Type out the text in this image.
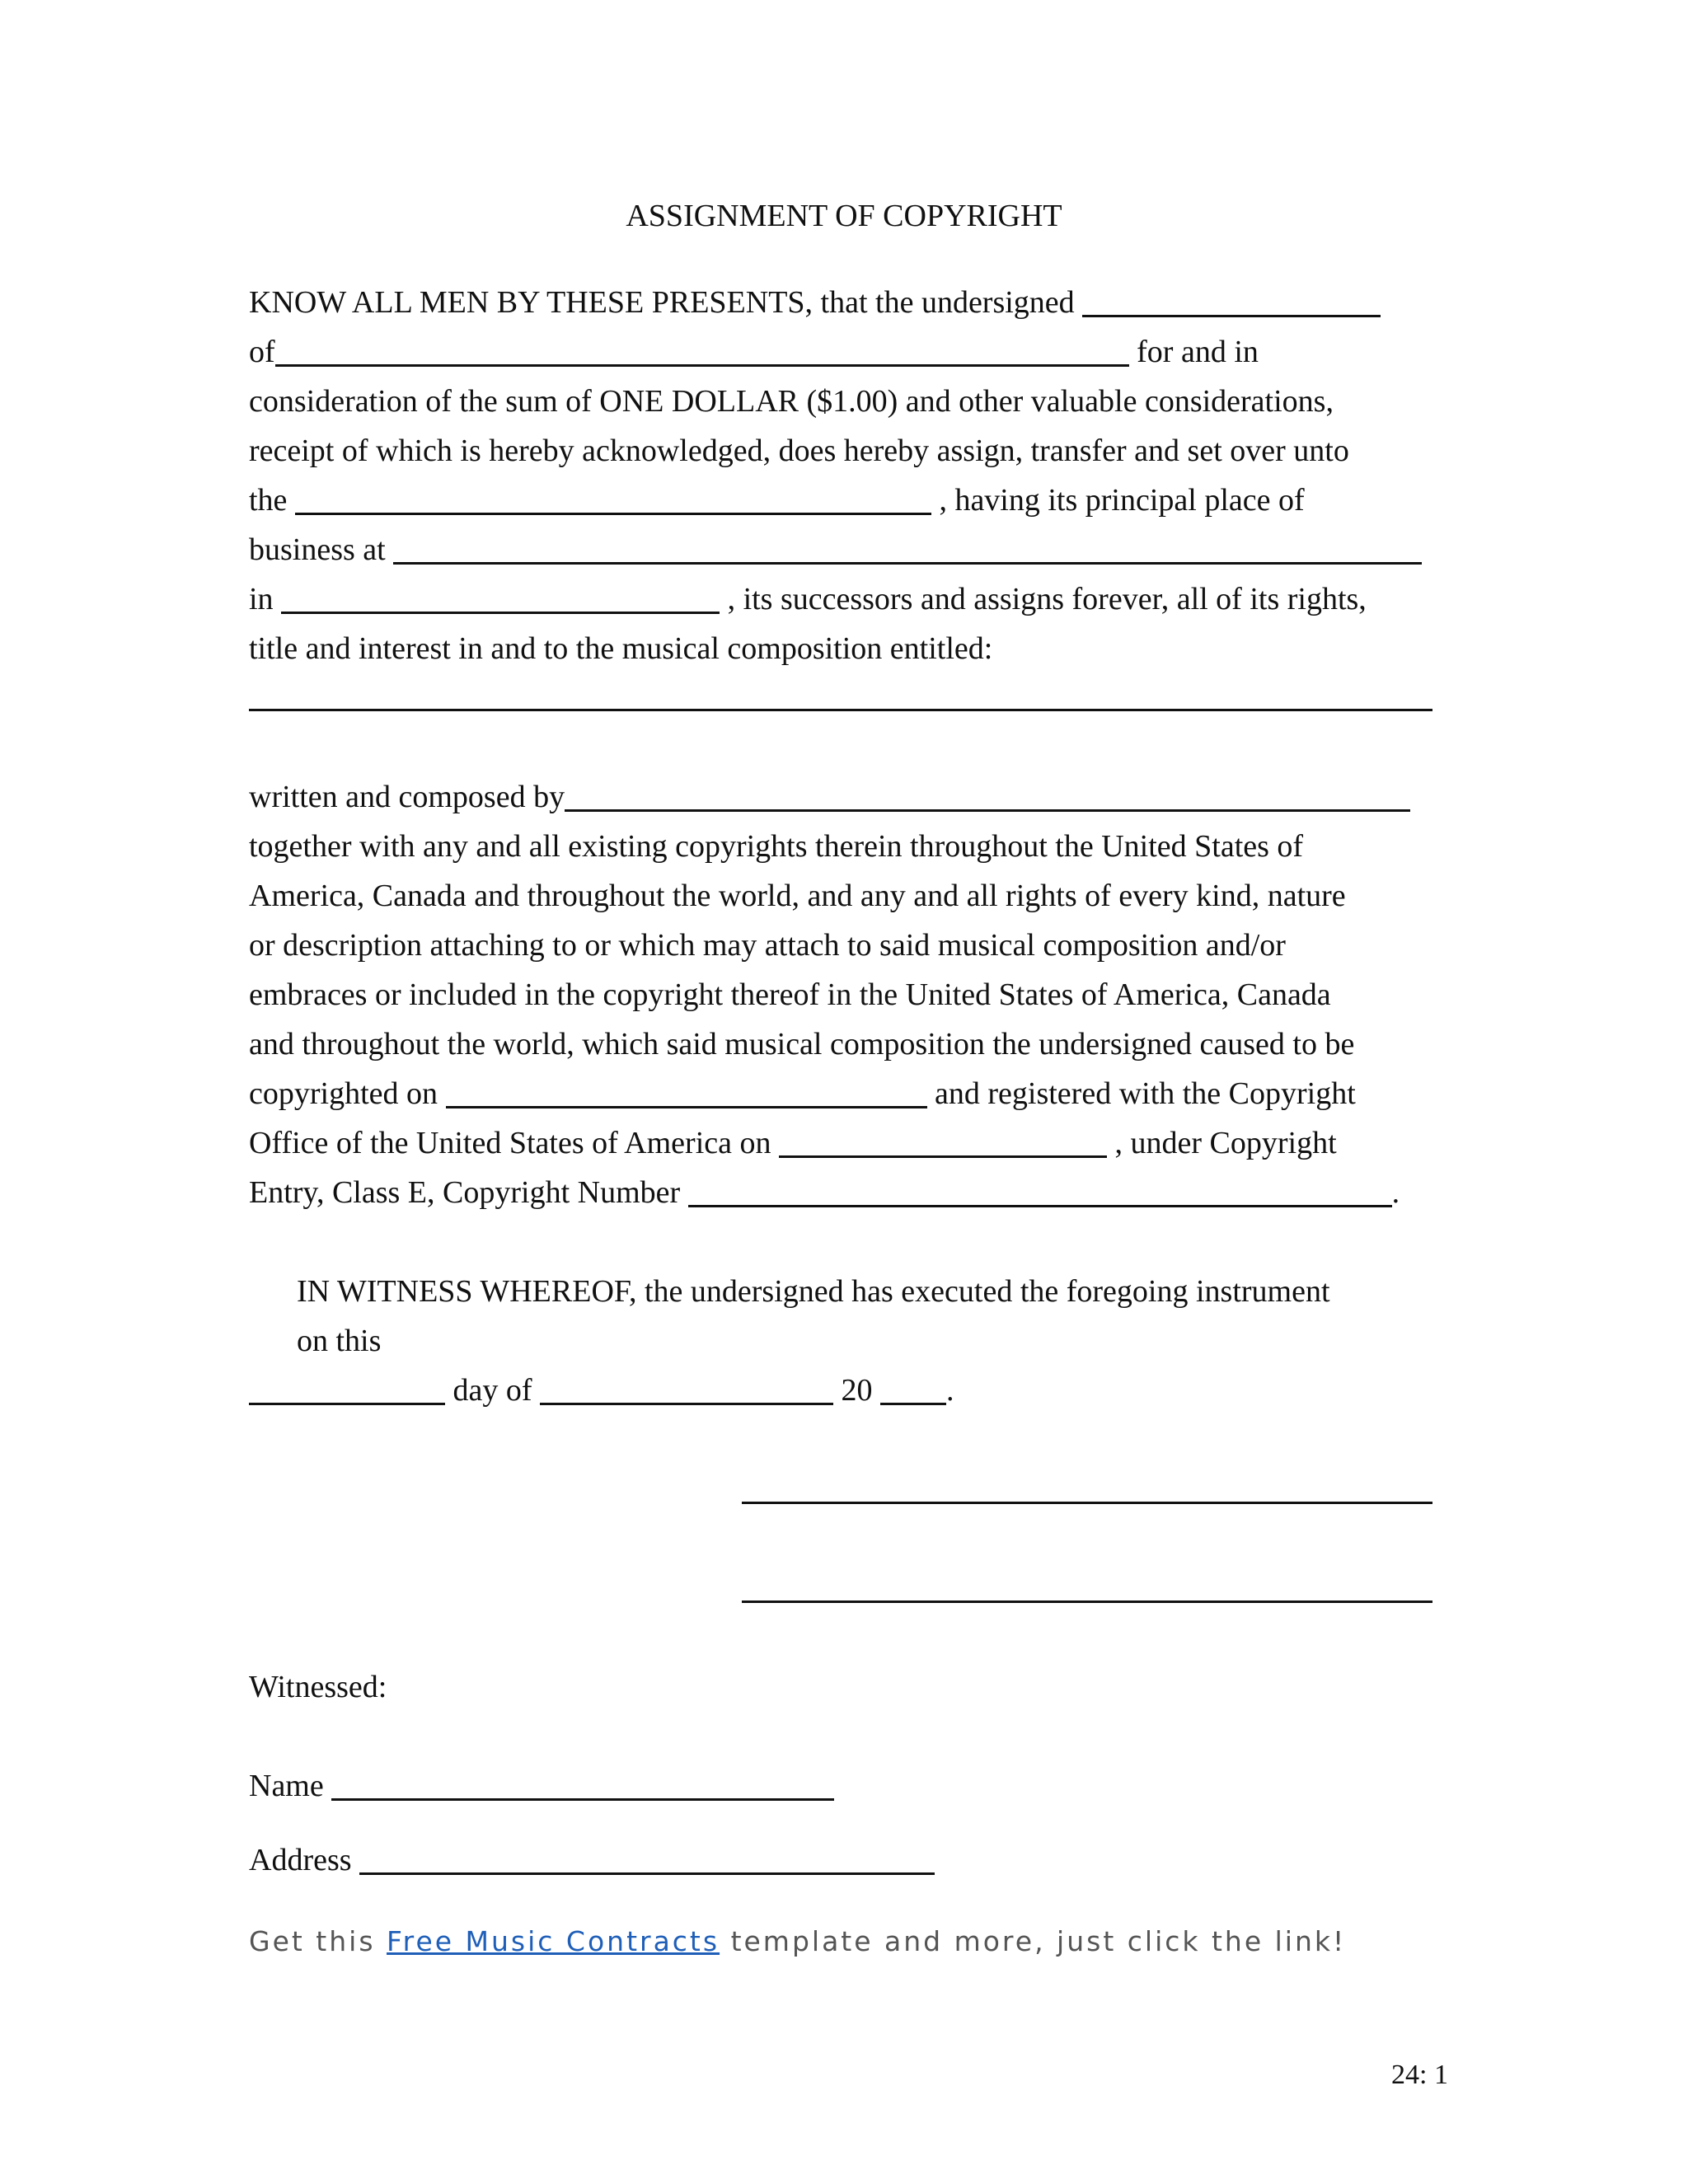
ASSIGNMENT OF COPYRIGHT
KNOW ALL MEN BY THESE PRESENTS, that the undersigned
of	for and in
consideration of the sum of ONE DOLLAR ($1.00) and other valuable considerations,
receipt of which is hereby acknowledged, does hereby assign, transfer and set over unto
the	, having its principal place of
business at
in	, its successors and assigns forever, all of its rights,
title and interest in and to the musical composition entitled:
written and composed by
together with any and all existing copyrights therein throughout the United States of
America, Canada and throughout the world, and any and all rights of every kind, nature
or description attaching to or which may attach to said musical composition and/or
embraces or included in the copyright thereof in the United States of America, Canada
and throughout the world, which said musical composition the undersigned caused to be
copyrighted on	and registered with the Copyright
Office of the United States of America on	, under Copyright
Entry, Class E, Copyright Number	.
IN WITNESS WHEREOF, the undersigned has executed the foregoing instrument
on this
day of	20 .
Witnessed:
Name
Address
Get this Free Music Contracts template and more, just click the link!
24: 1
